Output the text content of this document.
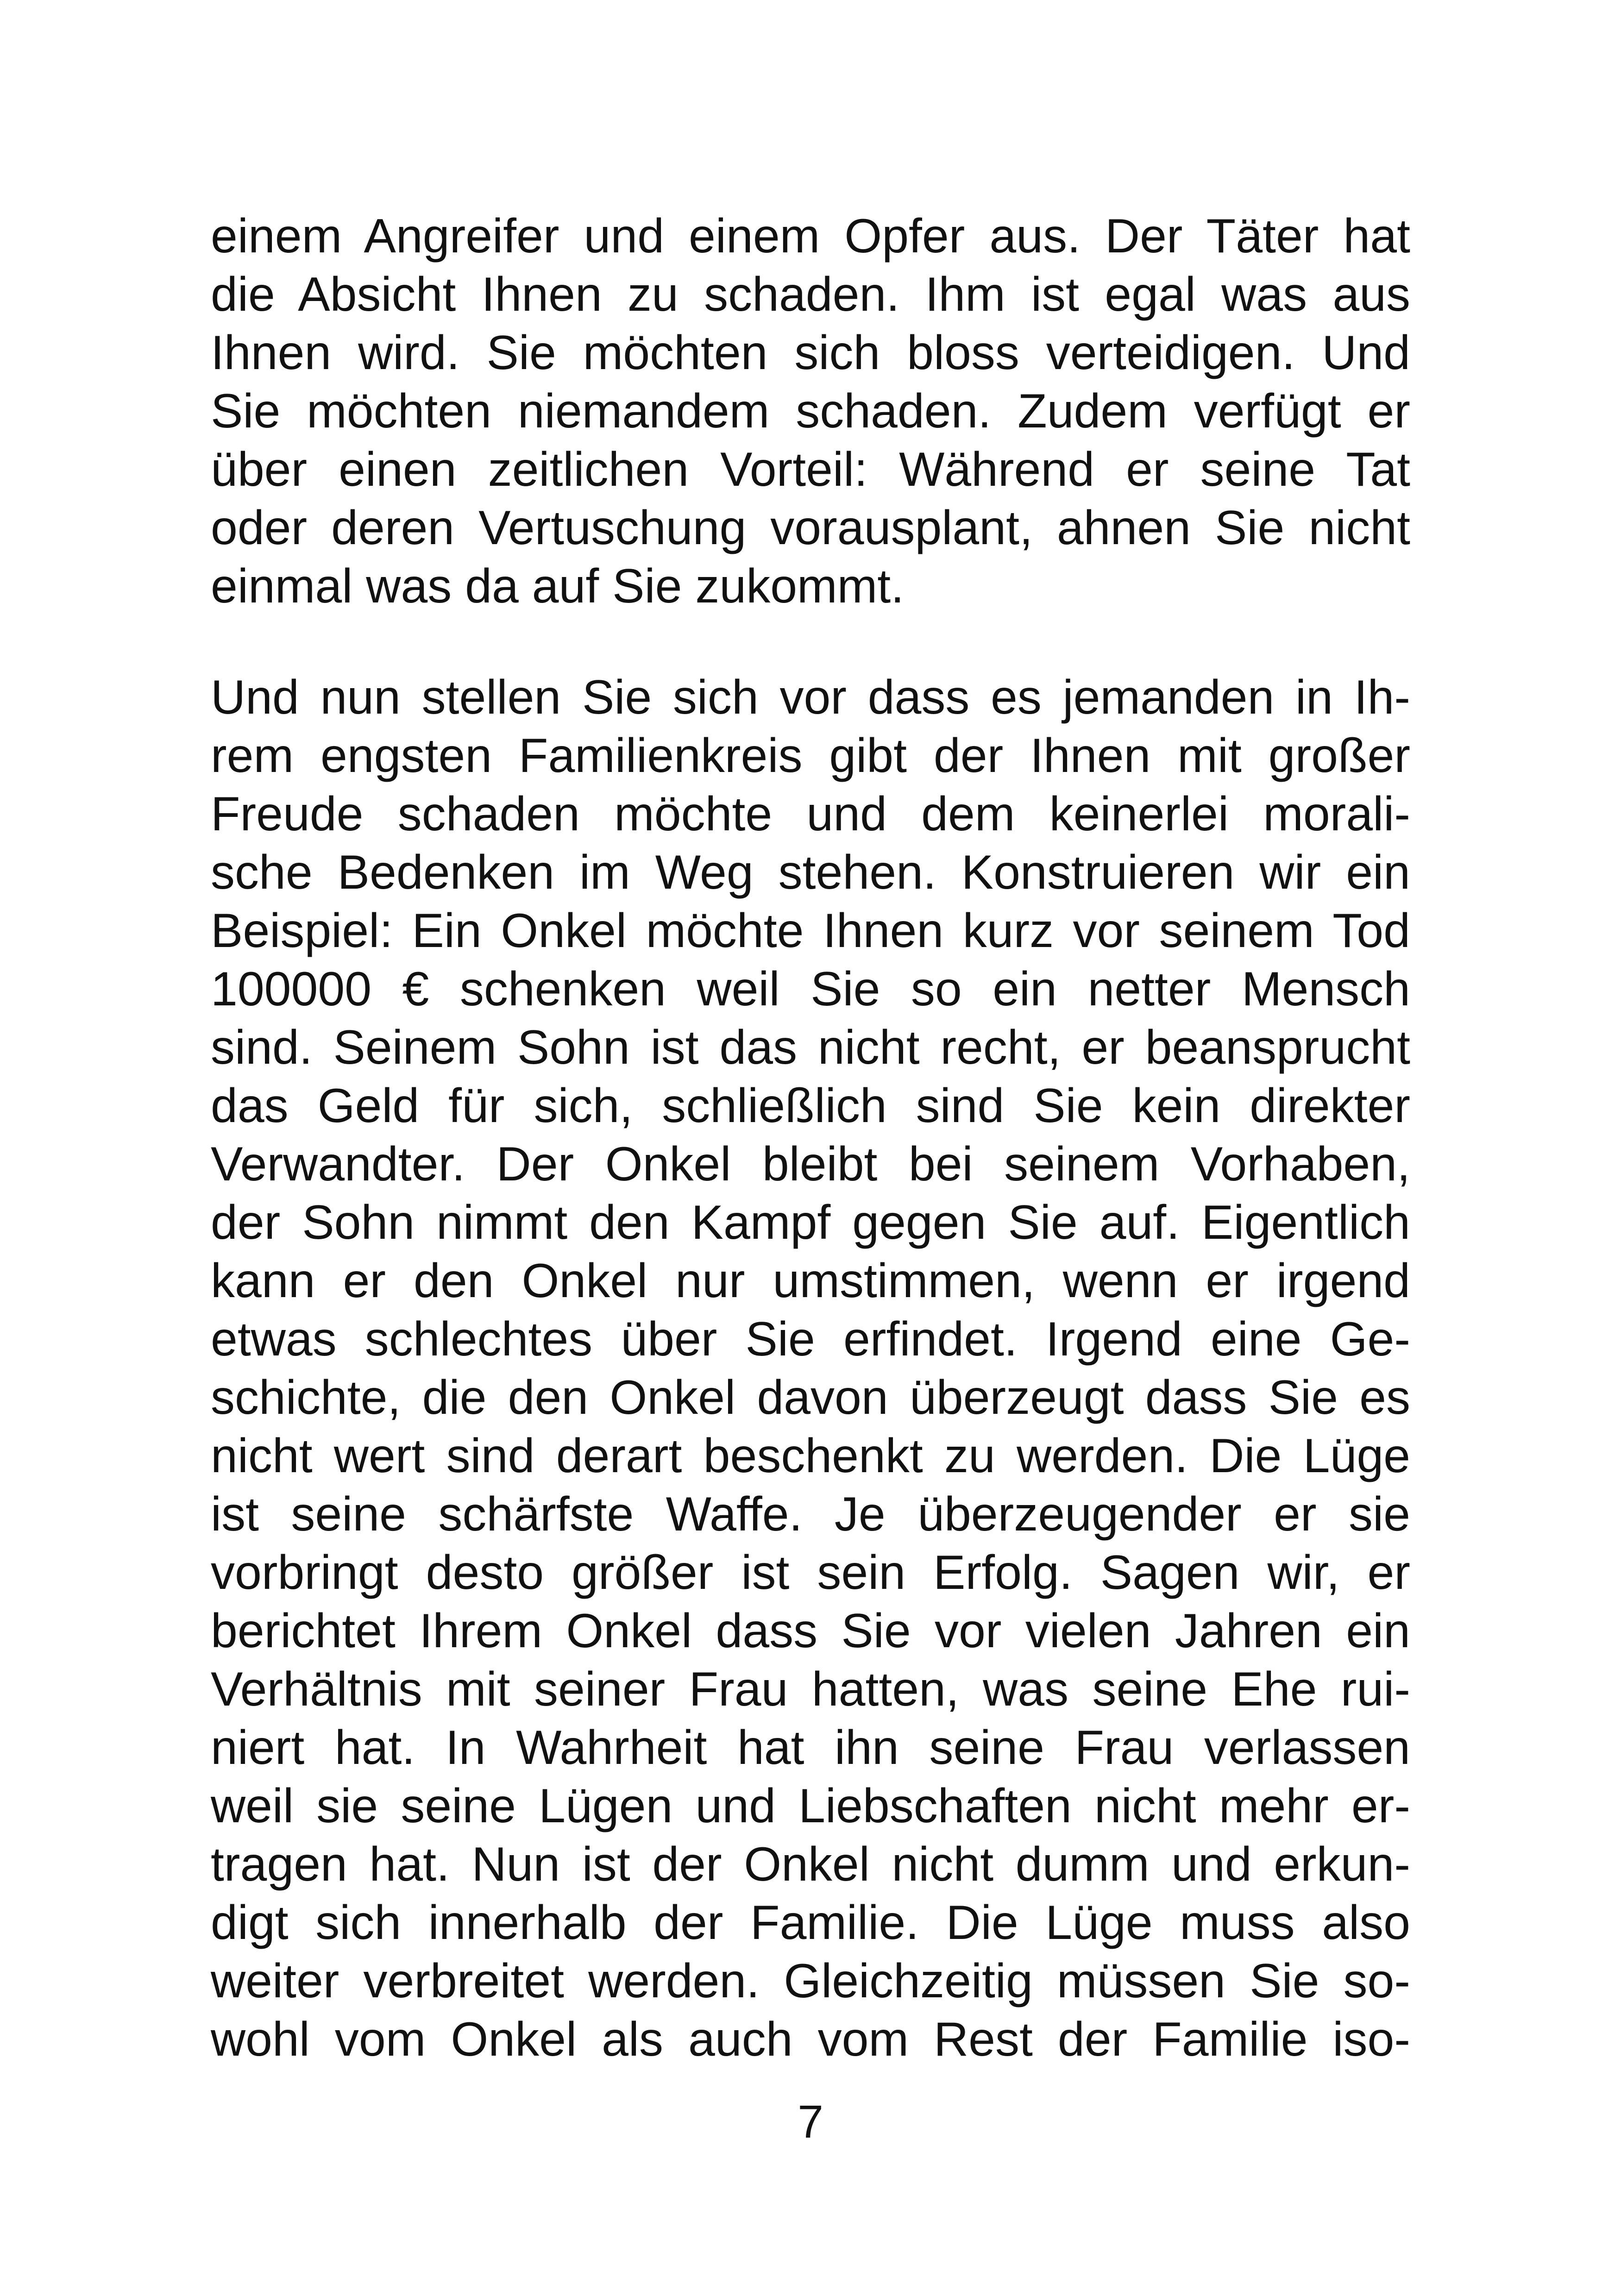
einem Angreifer und einem Opfer aus. Der Täter hat
die Absicht Ihnen zu schaden. Ihm ist egal was aus
Ihnen wird. Sie möchten sich bloss verteidigen. Und
Sie möchten niemandem schaden. Zudem verfügt er
über einen zeitlichen Vorteil: Während er seine Tat
oder deren Vertuschung vorausplant, ahnen Sie nicht
einmal was da auf Sie zukommt.
Und nun stellen Sie sich vor dass es jemanden in Ih-
rem engsten Familienkreis gibt der Ihnen mit großer
Freude schaden möchte und dem keinerlei morali-
sche Bedenken im Weg stehen. Konstruieren wir ein
Beispiel: Ein Onkel möchte Ihnen kurz vor seinem Tod
100000 € schenken weil Sie so ein netter Mensch
sind. Seinem Sohn ist das nicht recht, er beansprucht
das Geld für sich, schließlich sind Sie kein direkter
Verwandter. Der Onkel bleibt bei seinem Vorhaben,
der Sohn nimmt den Kampf gegen Sie auf. Eigentlich
kann er den Onkel nur umstimmen, wenn er irgend
etwas schlechtes über Sie erfindet. Irgend eine Ge-
schichte, die den Onkel davon überzeugt dass Sie es
nicht wert sind derart beschenkt zu werden. Die Lüge
ist seine schärfste Waffe. Je überzeugender er sie
vorbringt desto größer ist sein Erfolg. Sagen wir, er
berichtet Ihrem Onkel dass Sie vor vielen Jahren ein
Verhältnis mit seiner Frau hatten, was seine Ehe rui-
niert hat. In Wahrheit hat ihn seine Frau verlassen
weil sie seine Lügen und Liebschaften nicht mehr er-
tragen hat. Nun ist der Onkel nicht dumm und erkun-
digt sich innerhalb der Familie. Die Lüge muss also
weiter verbreitet werden. Gleichzeitig müssen Sie so-
wohl vom Onkel als auch vom Rest der Familie iso-
7
